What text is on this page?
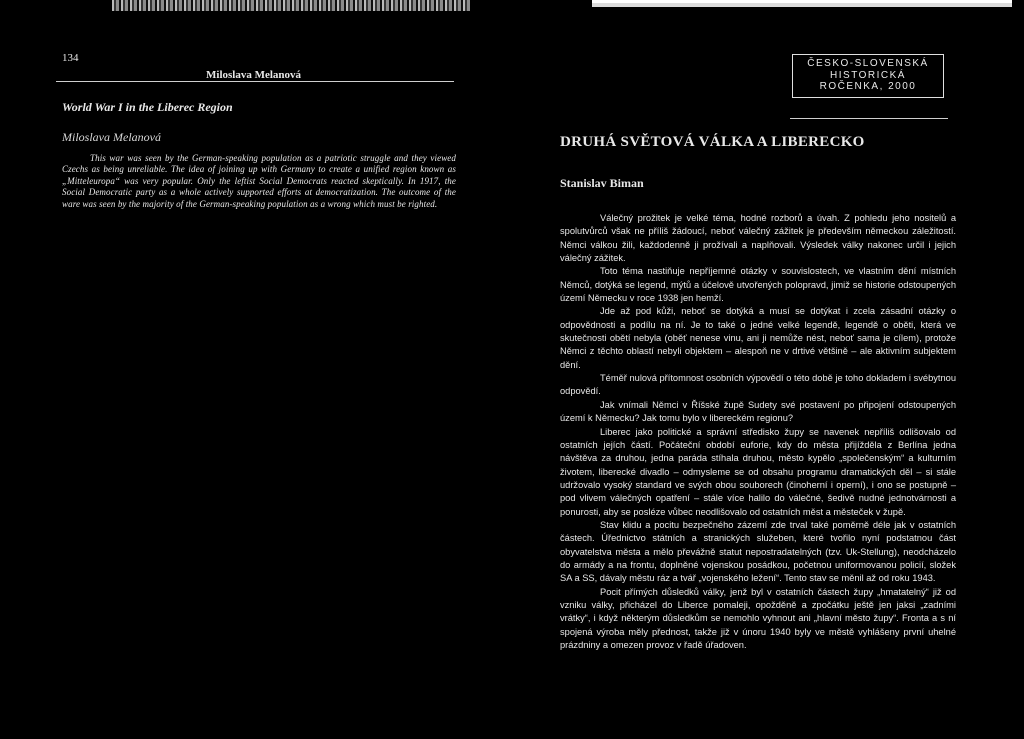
134
Miloslava Melanová
World War I in the Liberec Region
Miloslava Melanová
This war was seen by the German-speaking population as a patriotic struggle and they viewed Czechs as being unreliable. The idea of joining up with Germany to create a unified region known as „Mitteleuropa“ was very popular. Only the leftist Social Democrats reacted skeptically. In 1917, the Social Democratic party as a whole actively supported efforts at democratization. The outcome of the ware was seen by the majority of the German-speaking population as a wrong which must be righted.
ČESKO-SLOVENSKÁ
HISTORICKÁ
ROČENKA, 2000
DRUHÁ SVĚTOVÁ VÁLKA A LIBERECKO
Stanislav Biman

Válečný prožitek je velké téma, hodné rozborů a úvah. Z pohledu jeho nositelů a spolutvůrců však ne příliš žádoucí, neboť válečný zážitek je především německou záležitostí. Němci válkou žili, každodenně ji prožívali a naplňovali. Výsledek války nakonec určil i jejich válečný zážitek.

Toto téma nastiňuje nepříjemné otázky v souvislostech, ve vlastním dění místních Němců, dotýká se legend, mýtů a účelově utvořených polopravd, jimiž se historie odstoupených území Německu v roce 1938 jen hemží.

Jde až pod kůži, neboť se dotýká a musí se dotýkat i zcela zásadní otázky o odpovědnosti a podílu na ní. Je to také o jedné velké legendě, legendě o oběti, která ve skutečnosti obětí nebyla (oběť nenese vinu, ani ji nemůže nést, neboť sama je cílem), protože Němci z těchto oblastí nebyli objektem – alespoň ne v drtivé většině – ale aktivním subjektem dění.

Téměř nulová přítomnost osobních výpovědí o této době je toho dokladem i svébytnou odpovědí.

Jak vnímali Němci v Říšské župě Sudety své postavení po připojení odstoupených území k Německu? Jak tomu bylo v libereckém regionu?

Liberec jako politické a správní středisko župy se navenek nepříliš odlišovalo od ostatních jejích částí. Počáteční období euforie, kdy do města přijížděla z Berlína jedna návštěva za druhou, jedna paráda stíhala druhou, město kypělo „společenským“ a kulturním životem, liberecké divadlo – odmysleme se od obsahu programu dramatických děl – si stále udržovalo vysoký standard ve svých obou souborech (činoherní i operní), i ono se postupně – pod vlivem válečných opatření – stále více halilo do válečné, šedivě nudné jednotvárnosti a ponurosti, aby se posléze vůbec neodlišovalo od ostatních měst a městeček v župě.

Stav klidu a pocitu bezpečného zázemí zde trval také poměrně déle jak v ostatních částech. Úřednictvo státních a stranických služeben, které tvořilo nyní podstatnou část obyvatelstva města a mělo převážně statut nepostradatelných (tzv. Uk-Stellung), neodcházelo do armády a na frontu, doplněné vojenskou posádkou, početnou uniformovanou policií, složek SA a SS, dávaly městu ráz a tvář „vojenského ležení“. Tento stav se měnil až od roku 1943.

Pocit přímých důsledků války, jenž byl v ostatních částech župy „hmatatelný“ již od vzniku války, přicházel do Liberce pomaleji, opožděně a zpočátku ještě jen jaksi „zadními vrátky“, i když některým důsledkům se nemohlo vyhnout ani „hlavní město župy“. Fronta a s ní spojená výroba měly přednost, takže již v únoru 1940 byly ve městě vyhlášeny první uhelné prázdniny a omezen provoz v řadě úřadoven.
